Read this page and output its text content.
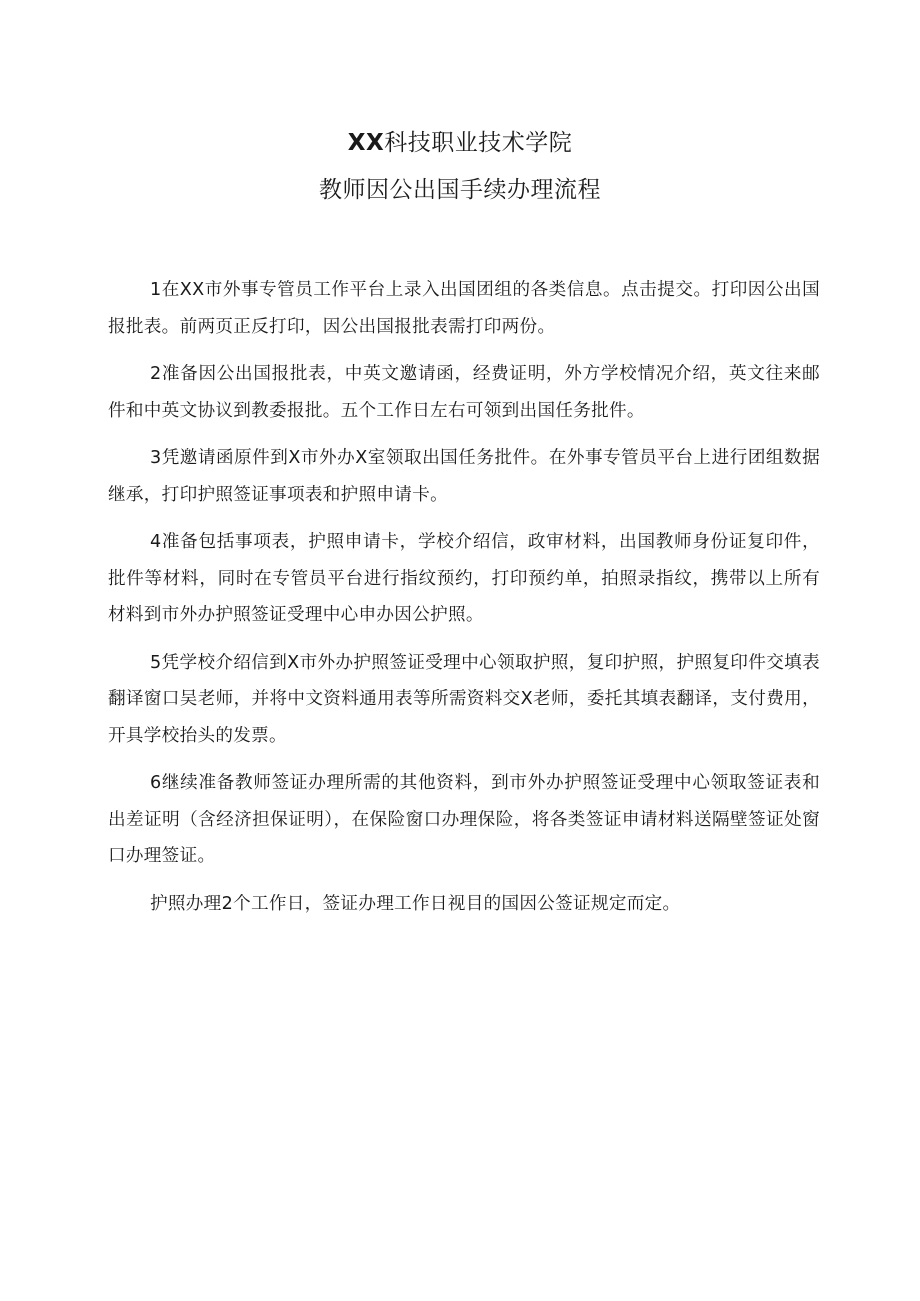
XX科技职业技术学院
教师因公出国手续办理流程

1在XX市外事专管员工作平台上录入出国团组的各类信息。点击提交。打印因公出国报批表。前两页正反打印，因公出国报批表需打印两份。

2准备因公出国报批表，中英文邀请函，经费证明，外方学校情况介绍，英文往来邮件和中英文协议到教委报批。五个工作日左右可领到出国任务批件。

3凭邀请函原件到X市外办X室领取出国任务批件。在外事专管员平台上进行团组数据继承，打印护照签证事项表和护照申请卡。

4准备包括事项表，护照申请卡，学校介绍信，政审材料，出国教师身份证复印件，批件等材料，同时在专管员平台进行指纹预约，打印预约单，拍照录指纹，携带以上所有材料到市外办护照签证受理中心申办因公护照。

5凭学校介绍信到X市外办护照签证受理中心领取护照，复印护照，护照复印件交填表翻译窗口吴老师，并将中文资料通用表等所需资料交X老师，委托其填表翻译，支付费用，开具学校抬头的发票。

6继续准备教师签证办理所需的其他资料，到市外办护照签证受理中心领取签证表和出差证明（含经济担保证明），在保险窗口办理保险，将各类签证申请材料送隔壁签证处窗口办理签证。

护照办理2个工作日，签证办理工作日视目的国因公签证规定而定。
